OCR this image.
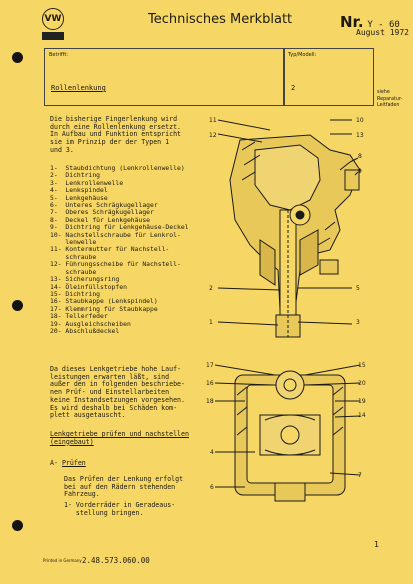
VW	Technisches Merkblatt	Nr. Y - 60
August 1972
Betrifft:
Rollenlenkung
Typ/Modell:
2
siehe
Reparatur-
Leitfaden
Die bisherige Fingerlenkung wird
durch eine Rollenlenkung ersetzt.
In Aufbau und Funktion entspricht
sie im Prinzip der der Typen 1
und 3.
1-  Staubdichtung (Lenkrollenwelle)
2-  Dichtring
3-  Lenkrollenwelle
4-  Lenkspindel
5-  Lenkgehäuse
6-  Unteres Schrägkugellager
7-  Oberes Schrägkugellager
8-  Deckel für Lenkgehäuse
9-  Dichtring für Lenkgehäuse-Deckel
10- Nachstellschraube für Lenkrol-
lenwelle
11- Kontermutter für Nachstell-
schraube
12- Führungsscheibe für Nachstell-
schraube
13- Sicherungsring
14- Öleinfüllstopfen
15- Dichtring
16- Staubkappe (Lenkspindel)
17- Klemmring für Staubkappe
18- Tellerfeder
19- Ausgleichscheiben
20- Abschlußdeckel
Da dieses Lenkgetriebe hohe Lauf-
leistungen erwarten läßt, sind
außer den in folgenden beschriebe-
nen Prüf- und Einstellarbeiten
keine Instandsetzungen vorgesehen.
Es wird deshalb bei Schäden kom-
plett ausgetauscht.
Lenkgetriebe prüfen und nachstellen
(eingebaut)
A- Prüfen
Das Prüfen der Lenkung erfolgt
bei auf den Rädern stehenden
Fahrzeug.
1- Vorderräder in Geradeaus-
stellung bringen.
11
12
2
1
10
13
8
9
5
3
17
16
18
4
6
15
20
19
14
7
Printed in Germany 2.48.573.060.00
1
